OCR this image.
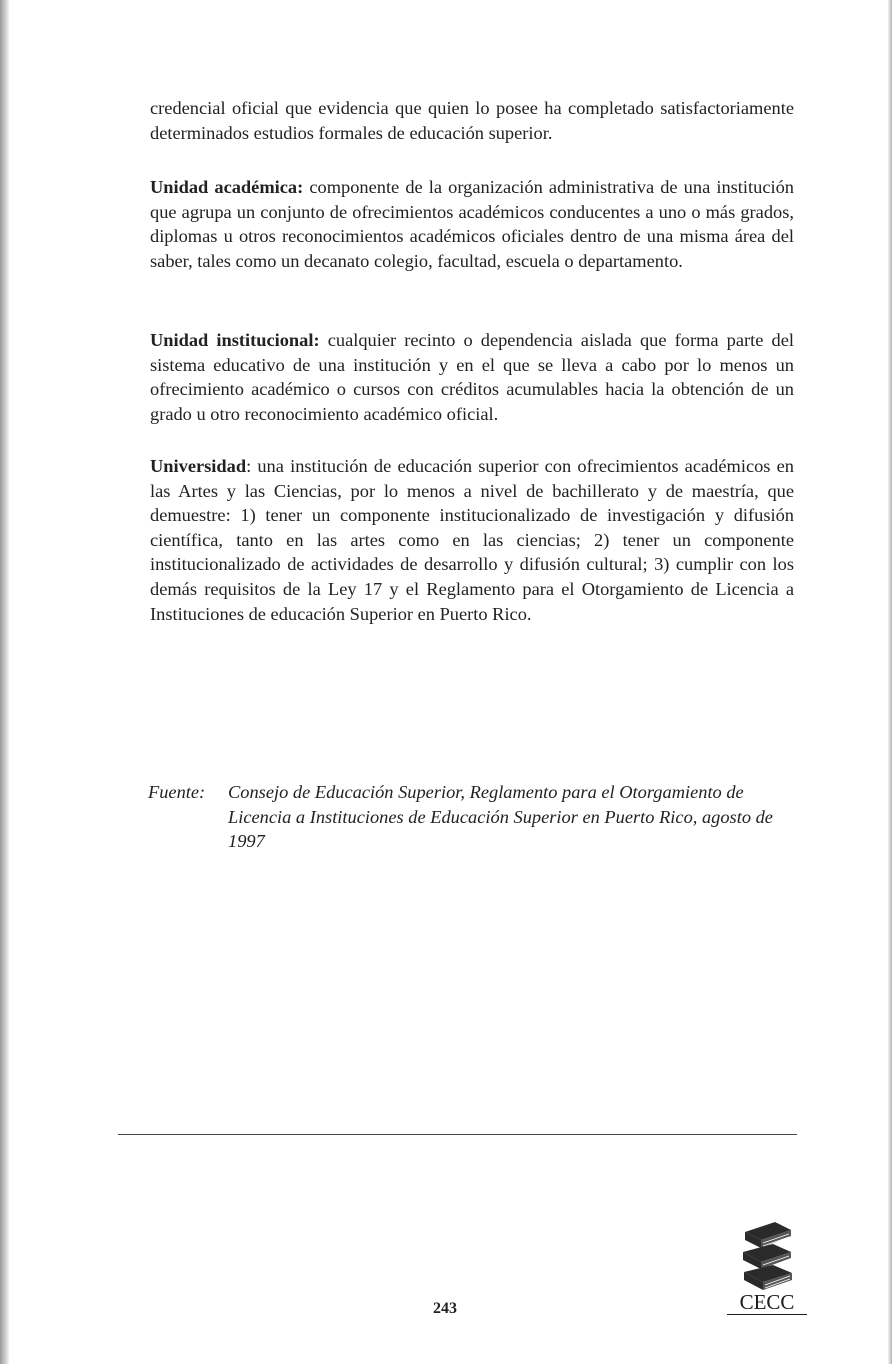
credencial oficial que evidencia que quien lo posee ha completado satisfactoriamente determinados estudios formales de educación superior.

Unidad académica: componente de la organización administrativa de una institución que agrupa un conjunto de ofrecimientos académicos conducentes a uno o más grados, diplomas u otros reconocimientos académicos oficiales dentro de una misma área del saber, tales como un decanato colegio, facultad, escuela o departamento.

Unidad institucional: cualquier recinto o dependencia aislada que forma parte del sistema educativo de una institución y en el que se lleva a cabo por lo menos un ofrecimiento académico o cursos con créditos acumulables hacia la obtención de un grado u otro reconocimiento académico oficial.

Universidad: una institución de educación superior con ofrecimientos académicos en las Artes y las Ciencias, por lo menos a nivel de bachillerato y de maestría, que demuestre: 1) tener un componente institucionalizado de investigación y difusión científica, tanto en las artes como en las ciencias; 2) tener un componente institucionalizado de actividades de desarrollo y difusión cultural; 3) cumplir con los demás requisitos de la Ley 17 y el Reglamento para el Otorgamiento de Licencia a Instituciones de educación Superior en Puerto Rico.

Fuente:	Consejo de Educación Superior, Reglamento para el Otorgamiento de Licencia a Instituciones de Educación Superior en Puerto Rico, agosto de 1997
243	CECC
